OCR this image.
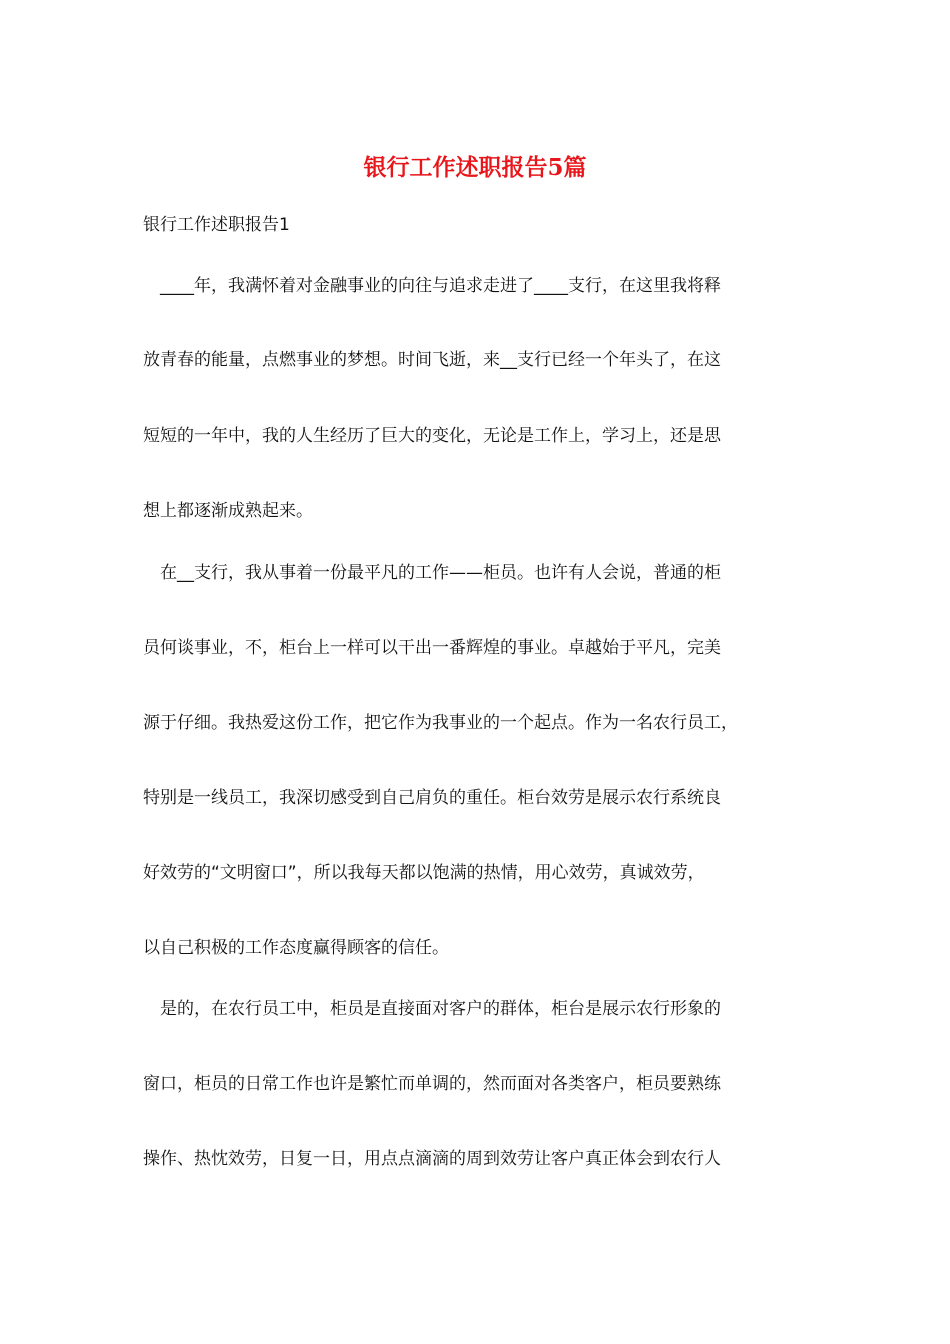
银行工作述职报告5篇

银行工作述职报告1

　____年，我满怀着对金融事业的向往与追求走进了____支行，在这里我将释

放青春的能量，点燃事业的梦想。时间飞逝，来__支行已经一个年头了，在这

短短的一年中，我的人生经历了巨大的变化，无论是工作上，学习上，还是思

想上都逐渐成熟起来。

　在__支行，我从事着一份最平凡的工作——柜员。也许有人会说，普通的柜

员何谈事业，不，柜台上一样可以干出一番辉煌的事业。卓越始于平凡，完美

源于仔细。我热爱这份工作，把它作为我事业的一个起点。作为一名农行员工，

特别是一线员工，我深切感受到自己肩负的重任。柜台效劳是展示农行系统良

好效劳的“文明窗口”，所以我每天都以饱满的热情，用心效劳，真诚效劳，

以自己积极的工作态度赢得顾客的信任。

　是的，在农行员工中，柜员是直接面对客户的群体，柜台是展示农行形象的

窗口，柜员的日常工作也许是繁忙而单调的，然而面对各类客户，柜员要熟练

操作、热忱效劳，日复一日，用点点滴滴的周到效劳让客户真正体会到农行人
